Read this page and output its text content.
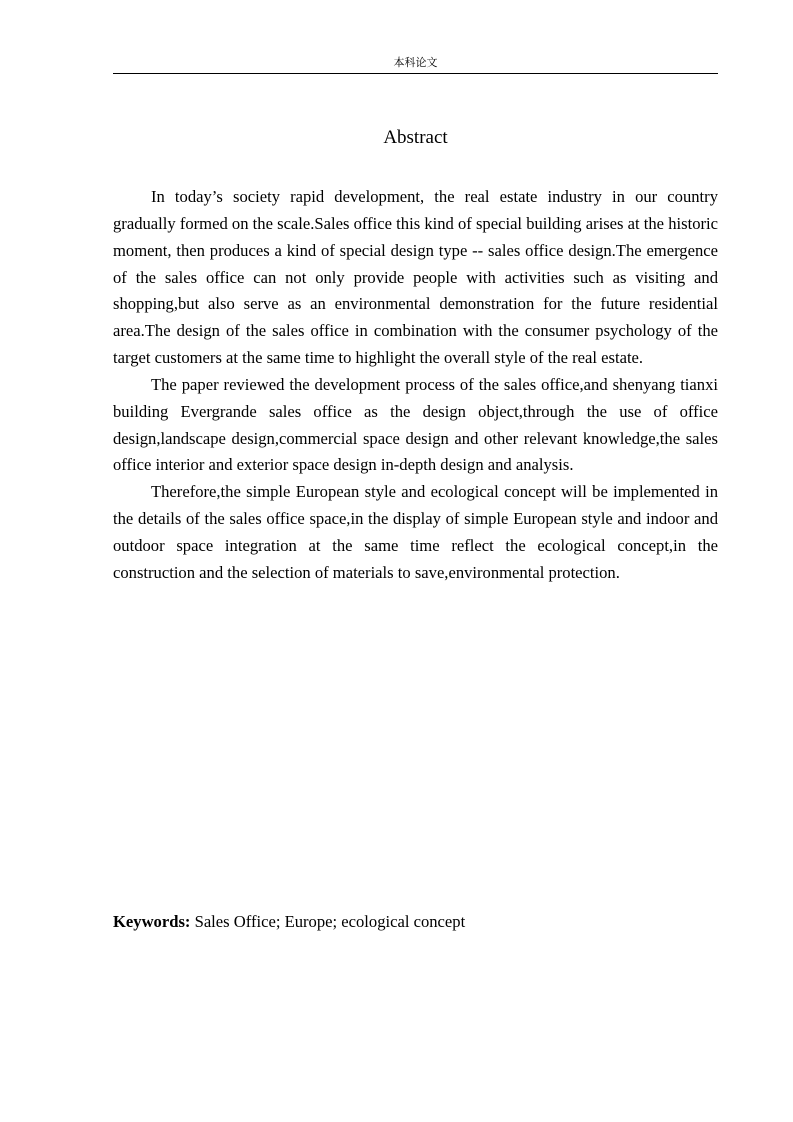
本科论文
Abstract

In today’s society rapid development, the real estate industry in our country gradually formed on the scale.Sales office this kind of special building arises at the historic moment, then produces a kind of special design type -- sales office design.The emergence of the sales office can not only provide people with activities such as visiting and shopping,but also serve as an environmental demonstration for the future residential area.The design of the sales office in combination with the consumer psychology of the target customers at the same time to highlight the overall style of the real estate.

The paper reviewed the development process of the sales office,and shenyang tianxi building Evergrande sales office as the design object,through the use of office design,landscape design,commercial space design and other relevant knowledge,the sales office interior and exterior space design in-depth design and analysis.

Therefore,the simple European style and ecological concept will be implemented in the details of the sales office space,in the display of simple European style and indoor and outdoor space integration at the same time reflect the ecological concept,in the construction and the selection of materials to save,environmental protection.

Keywords: Sales Office; Europe; ecological concept
